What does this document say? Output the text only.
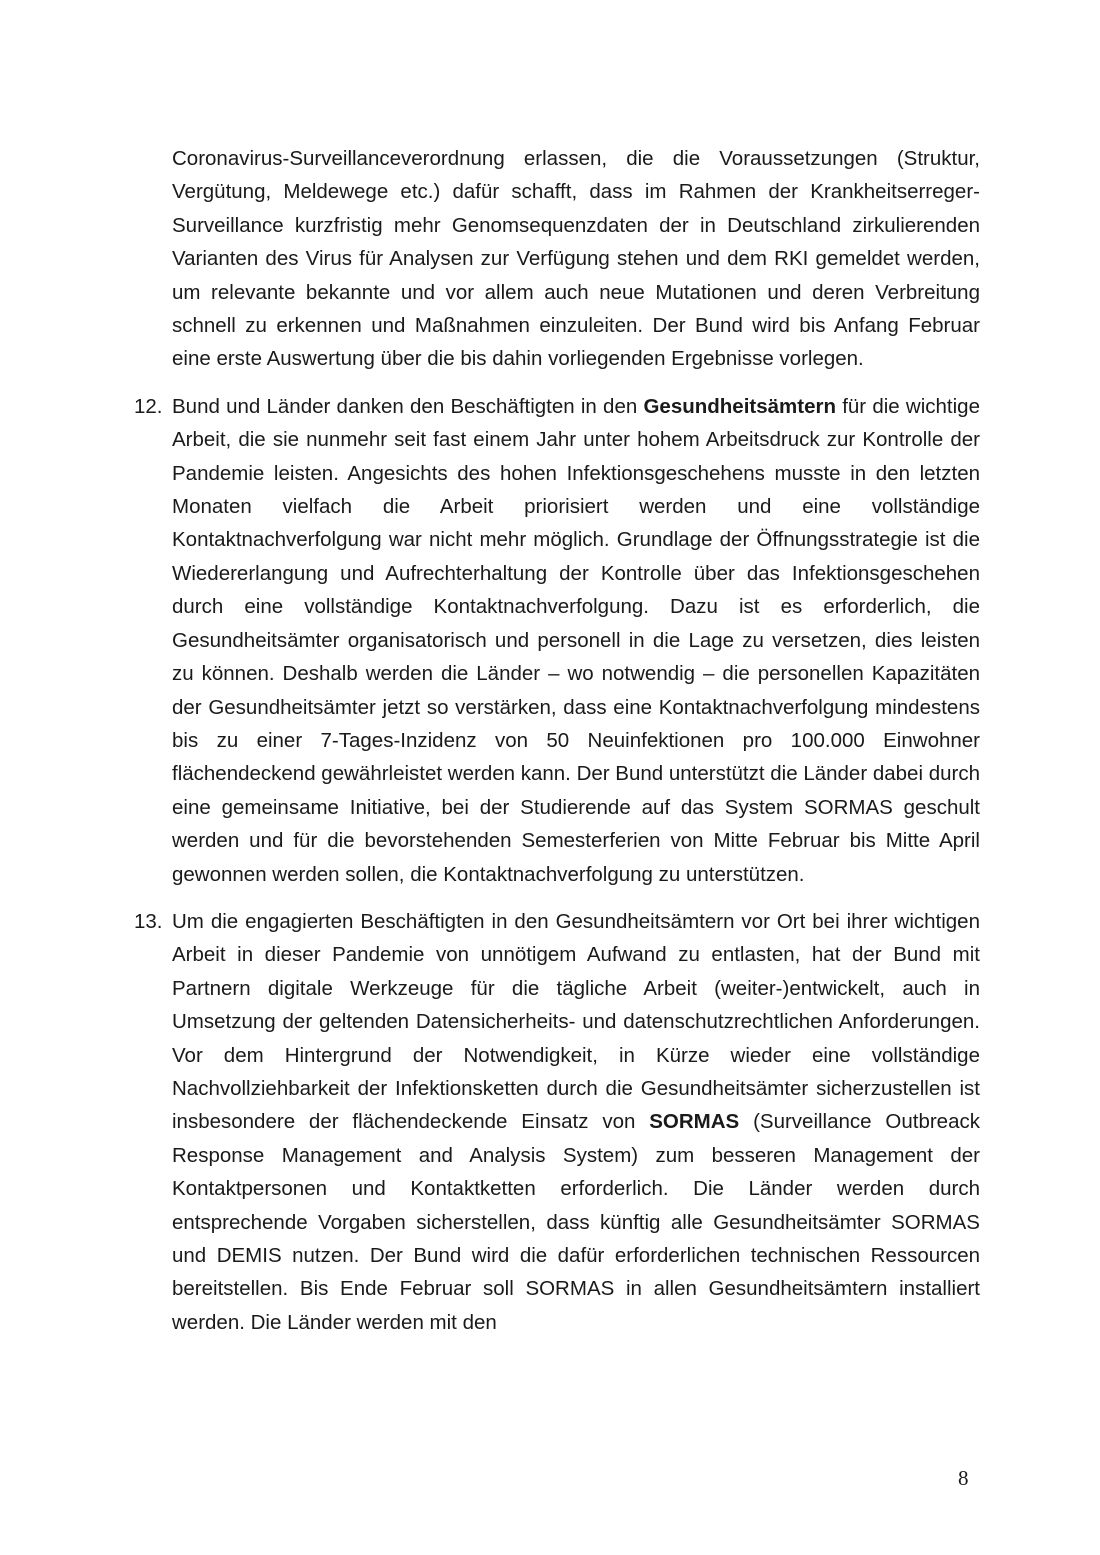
Coronavirus-Surveillanceverordnung erlassen, die die Voraussetzungen (Struktur, Vergütung, Meldewege etc.) dafür schafft, dass im Rahmen der Krankheitserreger-Surveillance kurzfristig mehr Genomsequenzdaten der in Deutschland zirkulierenden Varianten des Virus für Analysen zur Verfügung stehen und dem RKI gemeldet werden, um relevante bekannte und vor allem auch neue Mutationen und deren Verbreitung schnell zu erkennen und Maßnahmen einzuleiten. Der Bund wird bis Anfang Februar eine erste Auswertung über die bis dahin vorliegenden Ergebnisse vorlegen.

12. Bund und Länder danken den Beschäftigten in den Gesundheitsämtern für die wichtige Arbeit, die sie nunmehr seit fast einem Jahr unter hohem Arbeitsdruck zur Kontrolle der Pandemie leisten. Angesichts des hohen Infektionsgeschehens musste in den letzten Monaten vielfach die Arbeit priorisiert werden und eine vollständige Kontaktnachverfolgung war nicht mehr möglich. Grundlage der Öffnungsstrategie ist die Wiedererlangung und Aufrechterhaltung der Kontrolle über das Infektionsgeschehen durch eine vollständige Kontaktnachverfolgung. Dazu ist es erforderlich, die Gesundheitsämter organisatorisch und personell in die Lage zu versetzen, dies leisten zu können. Deshalb werden die Länder – wo notwendig – die personellen Kapazitäten der Gesundheitsämter jetzt so verstärken, dass eine Kontaktnachverfolgung mindestens bis zu einer 7-Tages-Inzidenz von 50 Neuinfektionen pro 100.000 Einwohner flächendeckend gewährleistet werden kann. Der Bund unterstützt die Länder dabei durch eine gemeinsame Initiative, bei der Studierende auf das System SORMAS geschult werden und für die bevorstehenden Semesterferien von Mitte Februar bis Mitte April gewonnen werden sollen, die Kontaktnachverfolgung zu unterstützen.

13. Um die engagierten Beschäftigten in den Gesundheitsämtern vor Ort bei ihrer wichtigen Arbeit in dieser Pandemie von unnötigem Aufwand zu entlasten, hat der Bund mit Partnern digitale Werkzeuge für die tägliche Arbeit (weiter-)entwickelt, auch in Umsetzung der geltenden Datensicherheits- und datenschutzrechtlichen Anforderungen. Vor dem Hintergrund der Notwendigkeit, in Kürze wieder eine vollständige Nachvollziehbarkeit der Infektionsketten durch die Gesundheitsämter sicherzustellen ist insbesondere der flächendeckende Einsatz von SORMAS (Surveillance Outbreack Response Management and Analysis System) zum besseren Management der Kontaktpersonen und Kontaktketten erforderlich. Die Länder werden durch entsprechende Vorgaben sicherstellen, dass künftig alle Gesundheitsämter SORMAS und DEMIS nutzen. Der Bund wird die dafür erforderlichen technischen Ressourcen bereitstellen. Bis Ende Februar soll SORMAS in allen Gesundheitsämtern installiert werden. Die Länder werden mit den

8
